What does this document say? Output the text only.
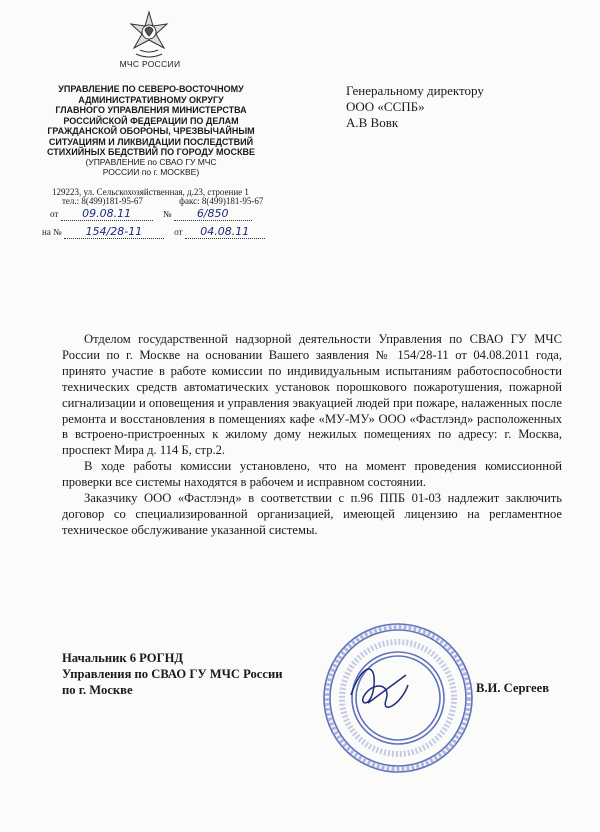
МЧС РОССИИ
УПРАВЛЕНИЕ ПО СЕВЕРО-ВОСТОЧНОМУ
АДМИНИСТРАТИВНОМУ ОКРУГУ
ГЛАВНОГО УПРАВЛЕНИЯ МИНИСТЕРСТВА
РОССИЙСКОЙ ФЕДЕРАЦИИ ПО ДЕЛАМ
ГРАЖДАНСКОЙ ОБОРОНЫ, ЧРЕЗВЫЧАЙНЫМ
СИТУАЦИЯМ И ЛИКВИДАЦИИ ПОСЛЕДСТВИЙ
СТИХИЙНЫХ БЕДСТВИЙ ПО ГОРОДУ МОСКВЕ
(УПРАВЛЕНИЕ по СВАО ГУ МЧС
РОССИИ по г. МОСКВЕ)
129223, ул. Сельскохозяйственная, д.23, строение 1
тел.: 8(499)181-95-67	факс: 8(499)181-95-67
от 09.08.11	№ 6/850
на № 154/28-11	от 04.08.11
Генеральному директору
ООО «ССПБ»
А.В Вовк

Отделом государственной надзорной деятельности Управления по СВАО ГУ МЧС России по г. Москве на основании Вашего заявления № 154/28-11 от 04.08.2011 года, принято участие в работе комиссии по индивидуальным испытаниям работоспособности технических средств автоматических установок порошкового пожаротушения, пожарной сигнализации и оповещения и управления эвакуацией людей при пожаре, налаженных после ремонта и восстановления в помещениях кафе «МУ-МУ» ООО «Фастлэнд» расположенных в встроено-пристроенных к жилому дому нежилых помещениях по адресу: г. Москва, проспект Мира д. 114 Б, стр.2.

В ходе работы комиссии установлено, что на момент проведения комиссионной проверки все системы находятся в рабочем и исправном состоянии.

Заказчику ООО «Фастлэнд» в соответствии с п.96 ППБ 01-03 надлежит заключить договор со специализированной организацией, имеющей лицензию на регламентное техническое обслуживание указанной системы.

Начальник 6 РОГНД
Управления по СВАО ГУ МЧС России
по г. Москве	В.И. Сергеев
